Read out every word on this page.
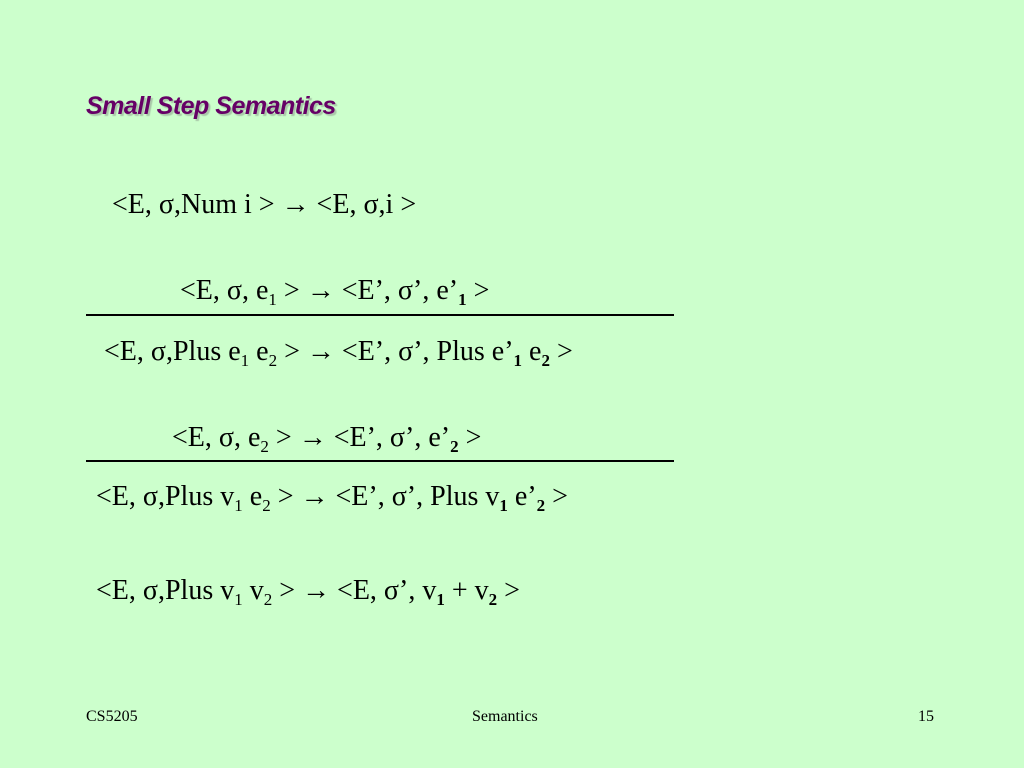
Small Step Semantics
<E, σ,Num i > → <E, σ,i >
<E, σ, $e_1$ > → <E’, σ’, $e’_1$ >
<E, σ,Plus $e_1$ $e_2$ > → <E’, σ’, Plus $e’_1$ $e_2$ >
<E, σ, $e_2$ > → <E’, σ’, $e’_2$ >
<E, σ,Plus $v_1$ $e_2$ > → <E’, σ’, Plus $v_1$ $e’_2$ >
<E, σ,Plus $v_1$ $v_2$ > → <E, σ’, $v_1 + v_2$ >
CS5205	Semantics	15
